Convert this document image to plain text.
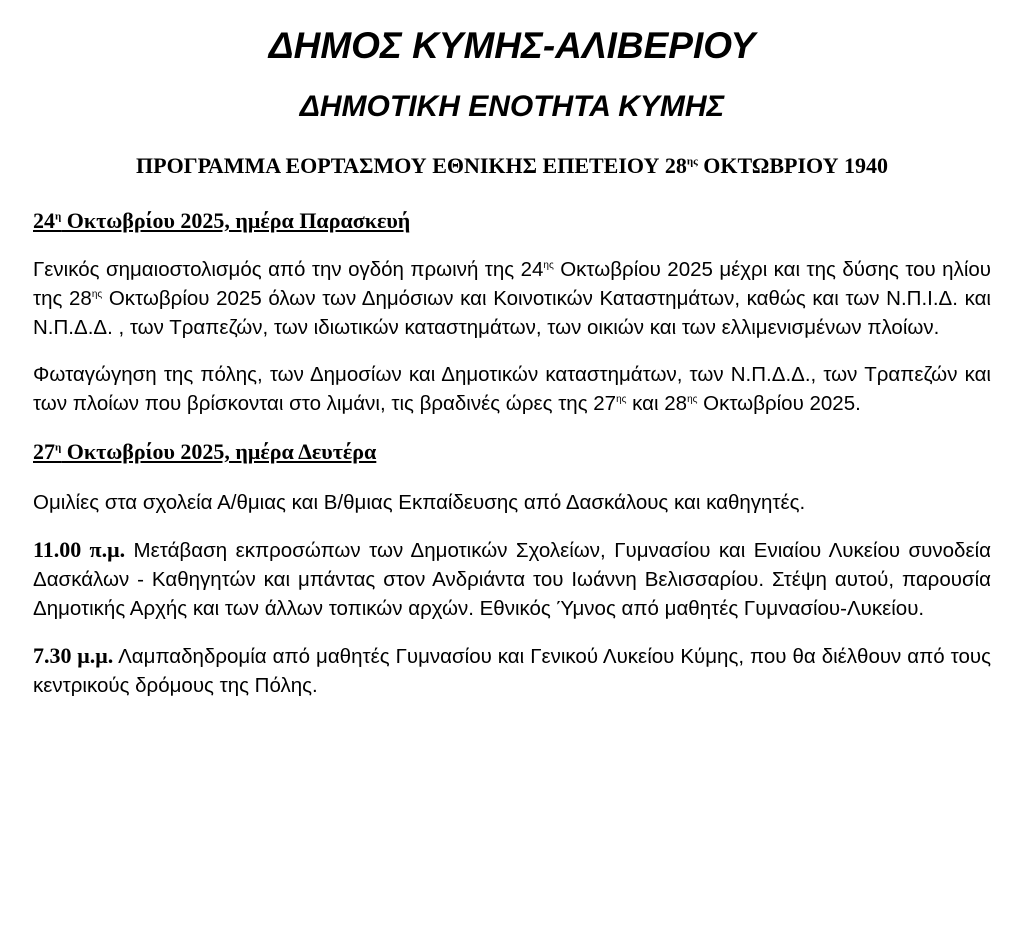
ΔΗΜΟΣ ΚΥΜΗΣ-ΑΛΙΒΕΡΙΟΥ
ΔΗΜΟΤΙΚΗ ΕΝΟΤΗΤΑ ΚΥΜΗΣ

ΠΡΟΓΡΑΜΜΑ ΕΟΡΤΑΣΜΟΥ ΕΘΝΙΚΗΣ ΕΠΕΤΕΙΟΥ $28^{\eta\varsigma}$ ΟΚΤΩΒΡΙΟΥ 1940

$24^\eta$ Οκτωβρίου 2025, ημέρα Παρασκευή

Γενικός σημαιοστολισμός από την ογδόη πρωινή της $24^{\eta\varsigma}$ Οκτωβρίου 2025 μέχρι και της δύσης του ηλίου της $28^{\eta\varsigma}$ Οκτωβρίου 2025 όλων των Δημόσιων και Κοινοτικών Καταστημάτων, καθώς και των Ν.Π.Ι.Δ. και Ν.Π.Δ.Δ. , των Τραπεζών, των ιδιωτικών καταστημάτων, των οικιών και των ελλιμενισμένων πλοίων.

Φωταγώγηση της πόλης, των Δημοσίων και Δημοτικών καταστημάτων, των Ν.Π.Δ.Δ., των Τραπεζών και των πλοίων που βρίσκονται στο λιμάνι, τις βραδινές ώρες της $27^{\eta\varsigma}$ και $28^{\eta\varsigma}$ Οκτωβρίου 2025.

$27^\eta$ Οκτωβρίου 2025, ημέρα Δευτέρα

Ομιλίες στα σχολεία Α/θμιας και Β/θμιας Εκπαίδευσης από Δασκάλους και καθηγητές.

11.00 π.μ. Μετάβαση εκπροσώπων των Δημοτικών Σχολείων, Γυμνασίου και Ενιαίου Λυκείου συνοδεία Δασκάλων - Καθηγητών και μπάντας στον Ανδριάντα του Ιωάννη Βελισσαρίου. Στέψη αυτού, παρουσία Δημοτικής Αρχής και των άλλων τοπικών αρχών. Εθνικός Ύμνος από μαθητές Γυμνασίου-Λυκείου.

7.30 μ.μ. Λαμπαδηδρομία από μαθητές Γυμνασίου και Γενικού Λυκείου Κύμης, που θα διέλθουν από τους κεντρικούς δρόμους της Πόλης.
